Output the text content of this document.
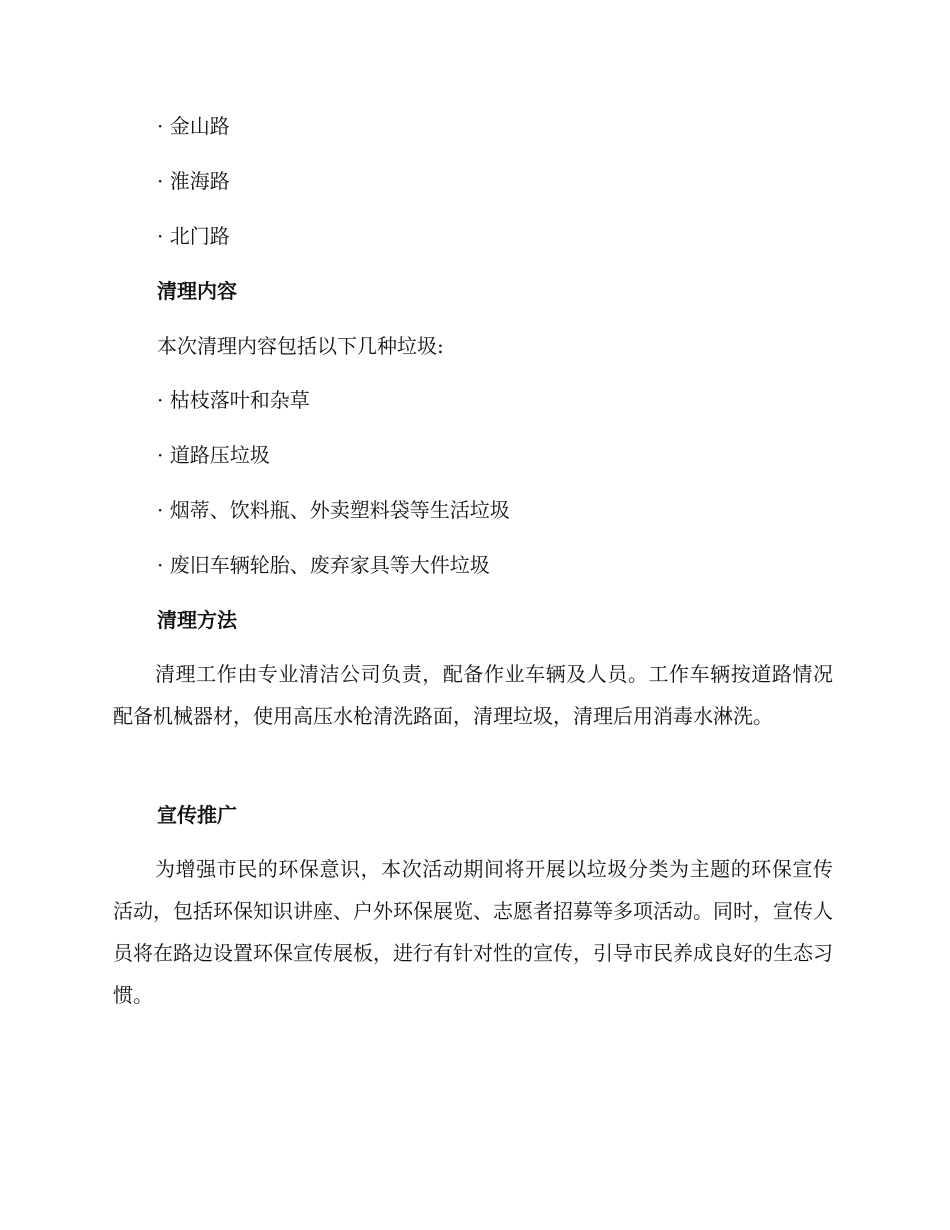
· 金山路
· 淮海路
· 北门路
清理内容
本次清理内容包括以下几种垃圾:
· 枯枝落叶和杂草
· 道路压垃圾
· 烟蒂、饮料瓶、外卖塑料袋等生活垃圾
· 废旧车辆轮胎、废弃家具等大件垃圾
清理方法
清理工作由专业清洁公司负责，配备作业车辆及人员。工作车辆按道路情况配备机械器材，使用高压水枪清洗路面，清理垃圾，清理后用消毒水淋洗。
宣传推广
为增强市民的环保意识，本次活动期间将开展以垃圾分类为主题的环保宣传活动，包括环保知识讲座、户外环保展览、志愿者招募等多项活动。同时，宣传人员将在路边设置环保宣传展板，进行有针对性的宣传，引导市民养成良好的生态习惯。
